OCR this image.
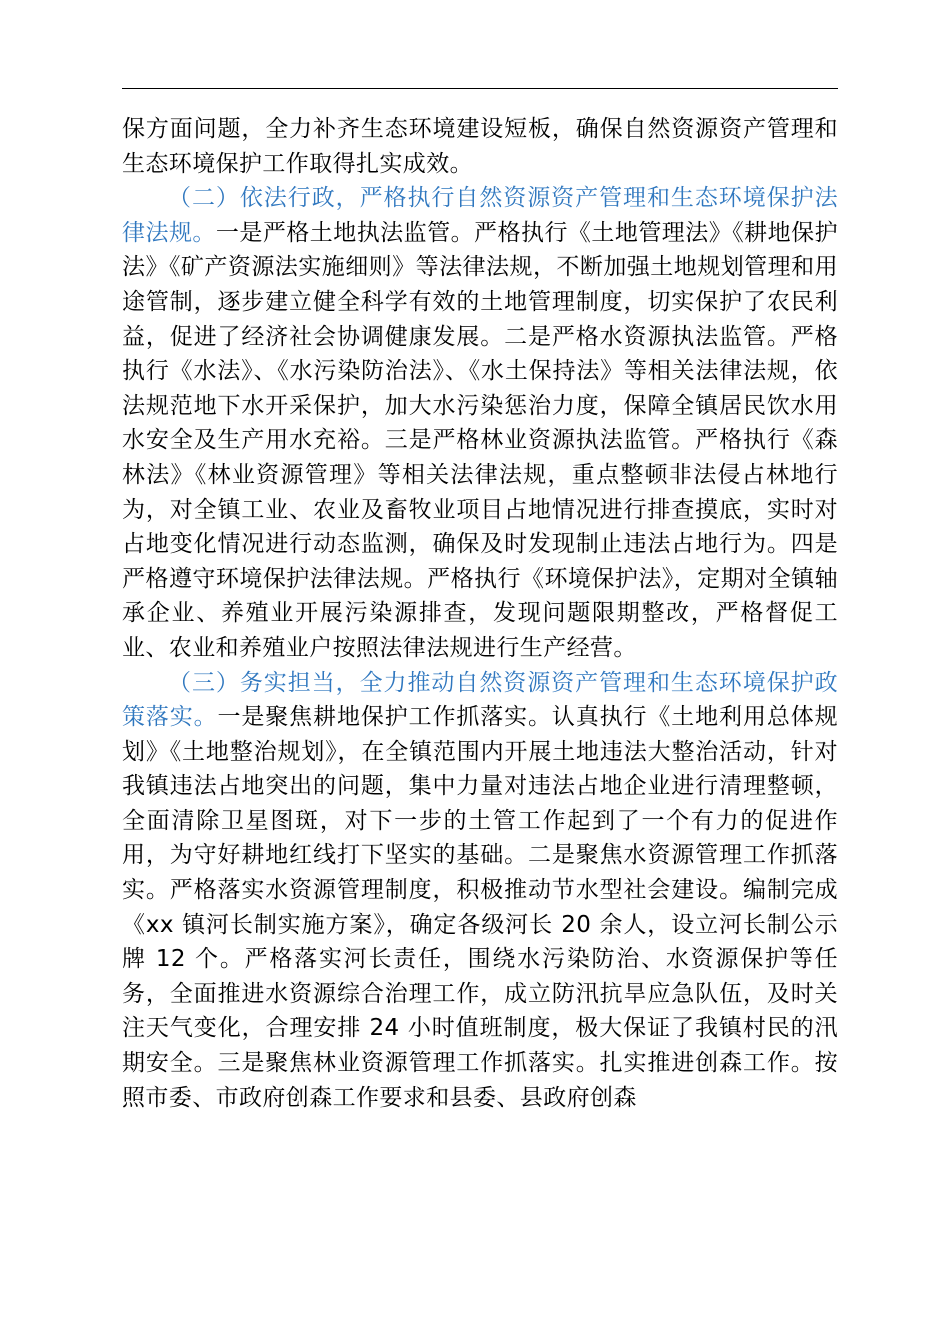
保方面问题，全力补齐生态环境建设短板，确保自然资源资产管理和生态环境保护工作取得扎实成效。

（二）依法行政，严格执行自然资源资产管理和生态环境保护法律法规。一是严格土地执法监管。严格执行《土地管理法》《耕地保护法》《矿产资源法实施细则》等法律法规，不断加强土地规划管理和用途管制，逐步建立健全科学有效的土地管理制度，切实保护了农民利益，促进了经济社会协调健康发展。二是严格水资源执法监管。严格执行《水法》、《水污染防治法》、《水土保持法》等相关法律法规，依法规范地下水开采保护，加大水污染惩治力度，保障全镇居民饮水用水安全及生产用水充裕。三是严格林业资源执法监管。严格执行《森林法》《林业资源管理》等相关法律法规，重点整顿非法侵占林地行为，对全镇工业、农业及畜牧业项目占地情况进行排查摸底，实时对占地变化情况进行动态监测，确保及时发现制止违法占地行为。四是严格遵守环境保护法律法规。严格执行《环境保护法》，定期对全镇轴承企业、养殖业开展污染源排查，发现问题限期整改，严格督促工业、农业和养殖业户按照法律法规进行生产经营。

（三）务实担当，全力推动自然资源资产管理和生态环境保护政策落实。一是聚焦耕地保护工作抓落实。认真执行《土地利用总体规划》《土地整治规划》，在全镇范围内开展土地违法大整治活动，针对我镇违法占地突出的问题，集中力量对违法占地企业进行清理整顿，全面清除卫星图斑，对下一步的土管工作起到了一个有力的促进作用，为守好耕地红线打下坚实的基础。二是聚焦水资源管理工作抓落实。严格落实水资源管理制度，积极推动节水型社会建设。编制完成《xx 镇河长制实施方案》，确定各级河长 20 余人，设立河长制公示牌 12 个。严格落实河长责任，围绕水污染防治、水资源保护等任务，全面推进水资源综合治理工作，成立防汛抗旱应急队伍，及时关注天气变化，合理安排 24 小时值班制度，极大保证了我镇村民的汛期安全。三是聚焦林业资源管理工作抓落实。扎实推进创森工作。按照市委、市政府创森工作要求和县委、县政府创森
